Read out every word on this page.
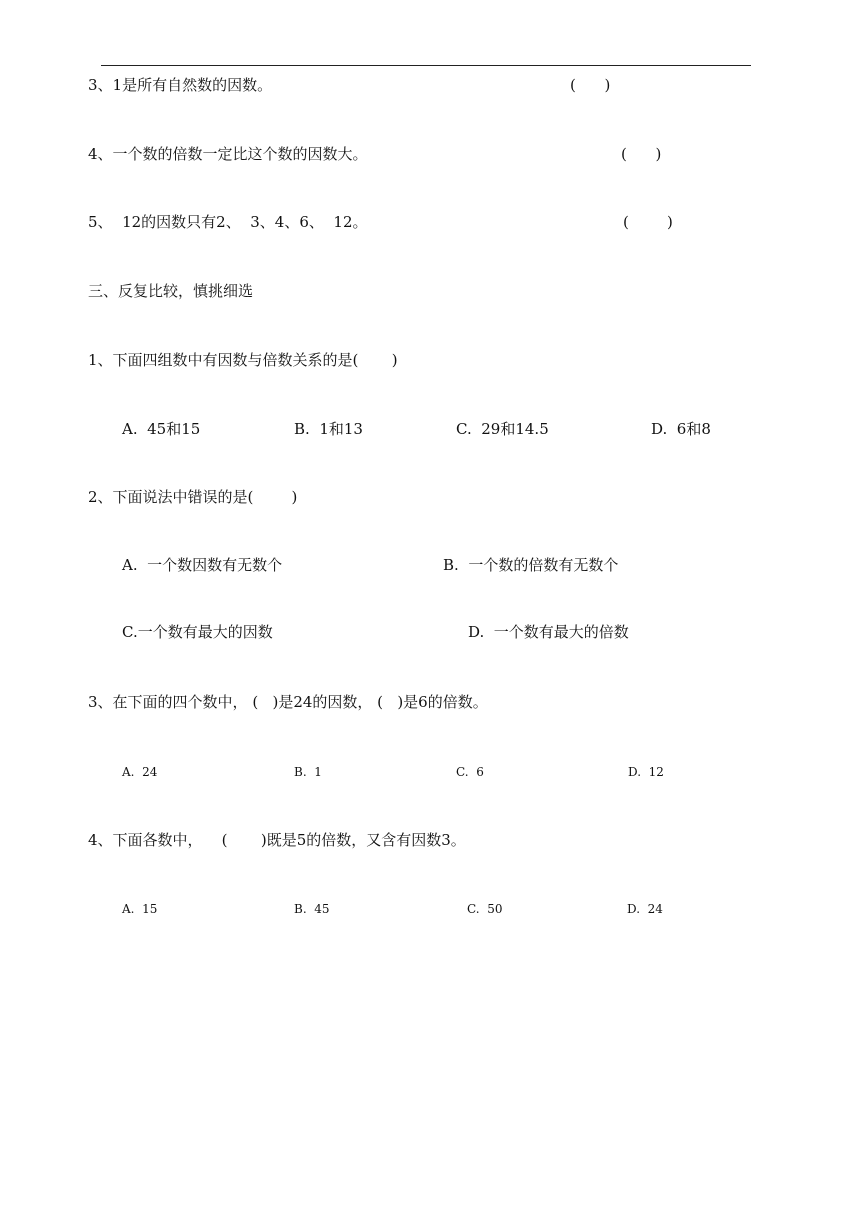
3、1是所有自然数的因数。	(      )
4、一个数的倍数一定比这个数的因数大。	(      )
5、  12的因数只有2、  3、4、6、  12。	(        )
三、反复比较，慎挑细选
1、下面四组数中有因数与倍数关系的是(       )
A.  45和15	B.  1和13	C.  29和14.5	D.  6和8
2、下面说法中错误的是(        )
A.  一个数因数有无数个	B.  一个数的倍数有无数个
C.一个数有最大的因数	D.  一个数有最大的倍数
3、在下面的四个数中， (   )是24的因数， (   )是6的倍数。
A.  24	B.  1	C.  6	D.  12
4、下面各数中，    (       )既是5的倍数，又含有因数3。
A.  15	B.  45	C.  50	D.  24
